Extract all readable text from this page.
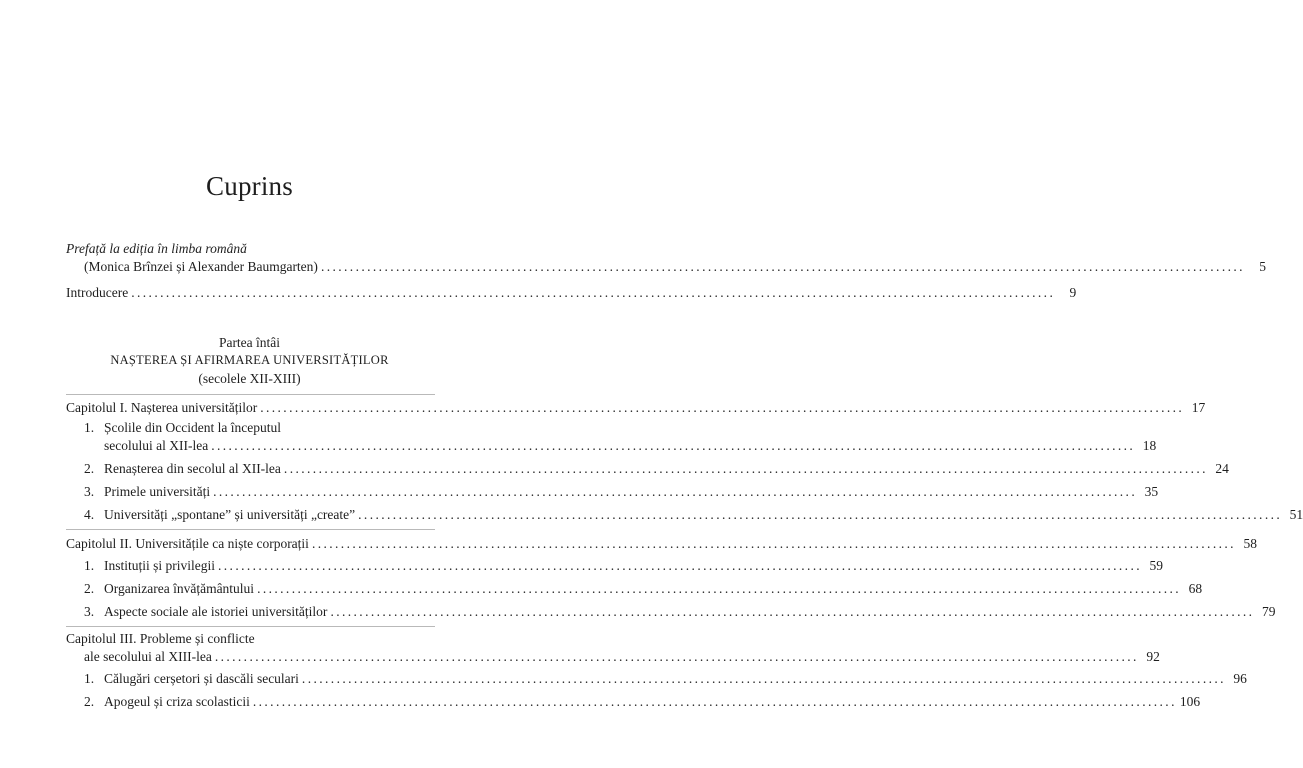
Cuprins
Prefață la ediția în limba română
(Monica Brînzei și Alexander Baumgarten) ................................................................................................................................................................	5
Introducere ................................................................................................................................................................	9
Partea întâi
NAȘTEREA ȘI AFIRMAREA UNIVERSITĂȚILOR
(secolele XII-XIII)
Capitolul I. Nașterea universităților ................................................................................................................................................................ 17
1. Școlile din Occident la începutul
secolului al XII-lea ................................................................................................................................................................ 18
2. Renașterea din secolul al XII-lea ................................................................................................................................................................ 24
3. Primele universități ................................................................................................................................................................ 35
4. Universități „spontane” și universități „create” ................................................................................................................................................................ 51
Capitolul II. Universitățile ca niște corporații ................................................................................................................................................................ 58
1. Instituții și privilegii ................................................................................................................................................................ 59
2. Organizarea învățământului ................................................................................................................................................................ 68
3. Aspecte sociale ale istoriei universităților ................................................................................................................................................................ 79
Capitolul III. Probleme și conflicte
ale secolului al XIII-lea ................................................................................................................................................................ 92
1. Călugări cerșetori și dascăli seculari ................................................................................................................................................................ 96
2. Apogeul și criza scolasticii ................................................................................................................................................................ 106
